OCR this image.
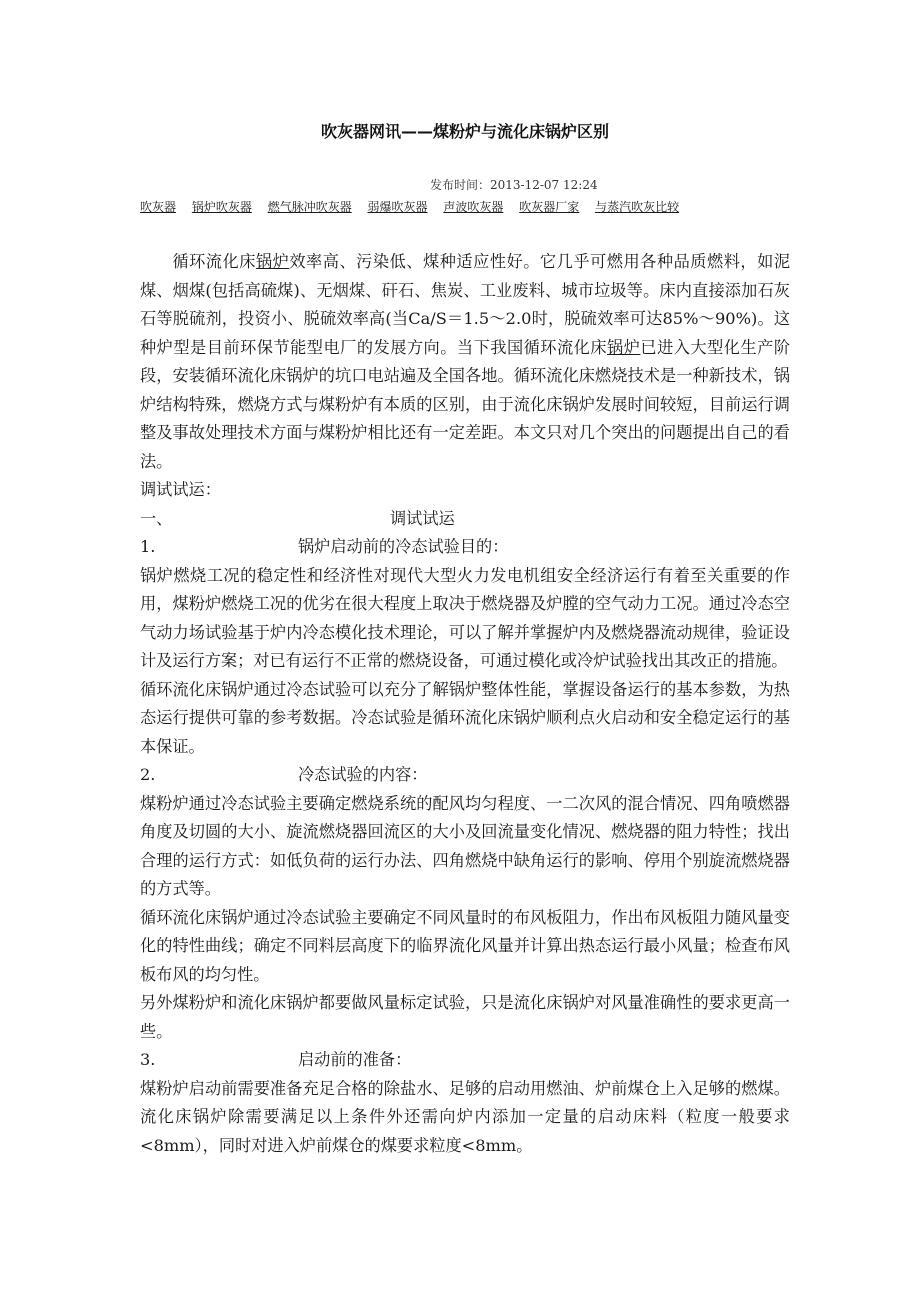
吹灰器网讯——煤粉炉与流化床锅炉区别
发布时间：2013-12-07 12:24
吹灰器 锅炉吹灰器 燃气脉冲吹灰器 弱爆吹灰器 声波吹灰器 吹灰器厂家 与蒸汽吹灰比较

循环流化床锅炉效率高、污染低、煤种适应性好。它几乎可燃用各种品质燃料，如泥煤、烟煤(包括高硫煤)、无烟煤、矸石、焦炭、工业废料、城市垃圾等。床内直接添加石灰石等脱硫剂，投资小、脱硫效率高(当Ca/S＝1.5～2.0时，脱硫效率可达85%～90%)。这种炉型是目前环保节能型电厂的发展方向。当下我国循环流化床锅炉已进入大型化生产阶段，安装循环流化床锅炉的坑口电站遍及全国各地。循环流化床燃烧技术是一种新技术，锅炉结构特殊，燃烧方式与煤粉炉有本质的区别，由于流化床锅炉发展时间较短，目前运行调整及事故处理技术方面与煤粉炉相比还有一定差距。本文只对几个突出的问题提出自己的看法。

调试试运：

一、	调试试运
1.	锅炉启动前的冷态试验目的：

锅炉燃烧工况的稳定性和经济性对现代大型火力发电机组安全经济运行有着至关重要的作用，煤粉炉燃烧工况的优劣在很大程度上取决于燃烧器及炉膛的空气动力工况。通过冷态空气动力场试验基于炉内冷态模化技术理论，可以了解并掌握炉内及燃烧器流动规律，验证设计及运行方案；对已有运行不正常的燃烧设备，可通过模化或冷炉试验找出其改正的措施。

循环流化床锅炉通过冷态试验可以充分了解锅炉整体性能，掌握设备运行的基本参数，为热态运行提供可靠的参考数据。冷态试验是循环流化床锅炉顺利点火启动和安全稳定运行的基本保证。

2.	冷态试验的内容：

煤粉炉通过冷态试验主要确定燃烧系统的配风均匀程度、一二次风的混合情况、四角喷燃器角度及切圆的大小、旋流燃烧器回流区的大小及回流量变化情况、燃烧器的阻力特性；找出合理的运行方式：如低负荷的运行办法、四角燃烧中缺角运行的影响、停用个别旋流燃烧器的方式等。

循环流化床锅炉通过冷态试验主要确定不同风量时的布风板阻力，作出布风板阻力随风量变化的特性曲线；确定不同料层高度下的临界流化风量并计算出热态运行最小风量；检查布风板布风的均匀性。

另外煤粉炉和流化床锅炉都要做风量标定试验，只是流化床锅炉对风量准确性的要求更高一些。

3.	启动前的准备：

煤粉炉启动前需要准备充足合格的除盐水、足够的启动用燃油、炉前煤仓上入足够的燃煤。流化床锅炉除需要满足以上条件外还需向炉内添加一定量的启动床料（粒度一般要求<8mm），同时对进入炉前煤仓的煤要求粒度<8mm。
